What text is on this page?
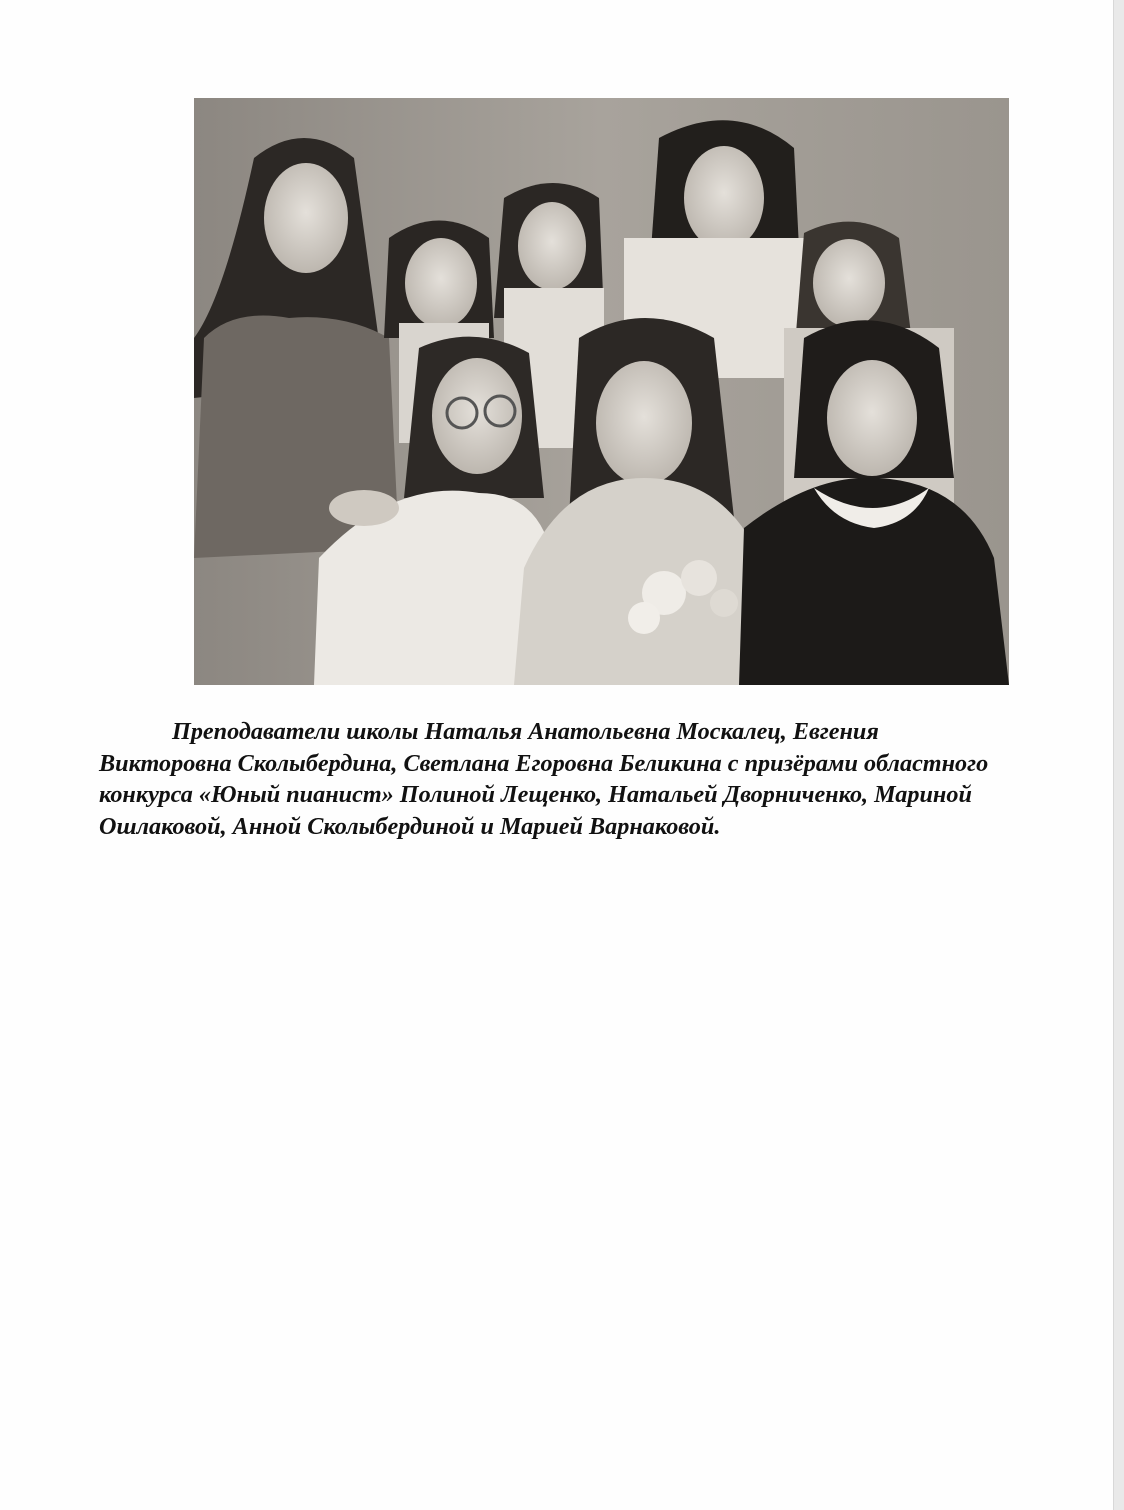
Преподаватели школы Наталья Анатольевна Москалец, Евгения Викторовна Сколыбердина, Светлана Егоровна Беликина с призёрами областного конкурса «Юный пианист» Полиной Лещенко, Натальей Дворниченко, Мариной Ошлаковой, Анной Сколыбердиной и Марией Варнаковой.
